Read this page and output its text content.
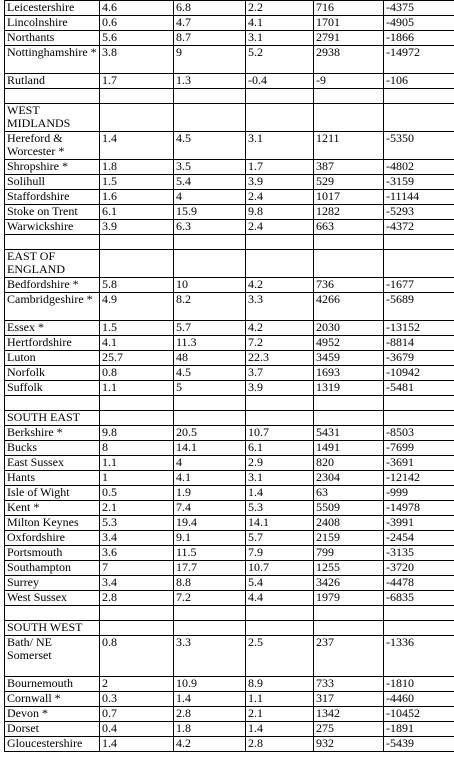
Leicestershire	4.6	6.8	2.2	716	-4375
Lincolnshire	0.6	4.7	4.1	1701	-4905
Northants	5.6	8.7	3.1	2791	-1866
Nottinghamshire *	3.8	9	5.2	2938	-14972
Rutland	1.7	1.3	-0.4	-9	-106

WEST MIDLANDS					
Hereford & Worcester *	1.4	4.5	3.1	1211	-5350
Shropshire *	1.8	3.5	1.7	387	-4802
Solihull	1.5	5.4	3.9	529	-3159
Staffordshire	1.6	4	2.4	1017	-11144
Stoke on Trent	6.1	15.9	9.8	1282	-5293
Warwickshire	3.9	6.3	2.4	663	-4372

EAST OF ENGLAND					
Bedfordshire *	5.8	10	4.2	736	-1677
Cambridgeshire *	4.9	8.2	3.3	4266	-5689
Essex *	1.5	5.7	4.2	2030	-13152
Hertfordshire	4.1	11.3	7.2	4952	-8814
Luton	25.7	48	22.3	3459	-3679
Norfolk	0.8	4.5	3.7	1693	-10942
Suffolk	1.1	5	3.9	1319	-5481

SOUTH EAST					
Berkshire *	9.8	20.5	10.7	5431	-8503
Bucks	8	14.1	6.1	1491	-7699
East Sussex	1.1	4	2.9	820	-3691
Hants	1	4.1	3.1	2304	-12142
Isle of Wight	0.5	1.9	1.4	63	-999
Kent *	2.1	7.4	5.3	5509	-14978
Milton Keynes	5.3	19.4	14.1	2408	-3991
Oxfordshire	3.4	9.1	5.7	2159	-2454
Portsmouth	3.6	11.5	7.9	799	-3135
Southampton	7	17.7	10.7	1255	-3720
Surrey	3.4	8.8	5.4	3426	-4478
West Sussex	2.8	7.2	4.4	1979	-6835

SOUTH WEST					
Bath/ NE Somerset	0.8	3.3	2.5	237	-1336
Bournemouth	2	10.9	8.9	733	-1810
Cornwall *	0.3	1.4	1.1	317	-4460
Devon *	0.7	2.8	2.1	1342	-10452
Dorset	0.4	1.8	1.4	275	-1891
Gloucestershire	1.4	4.2	2.8	932	-5439
